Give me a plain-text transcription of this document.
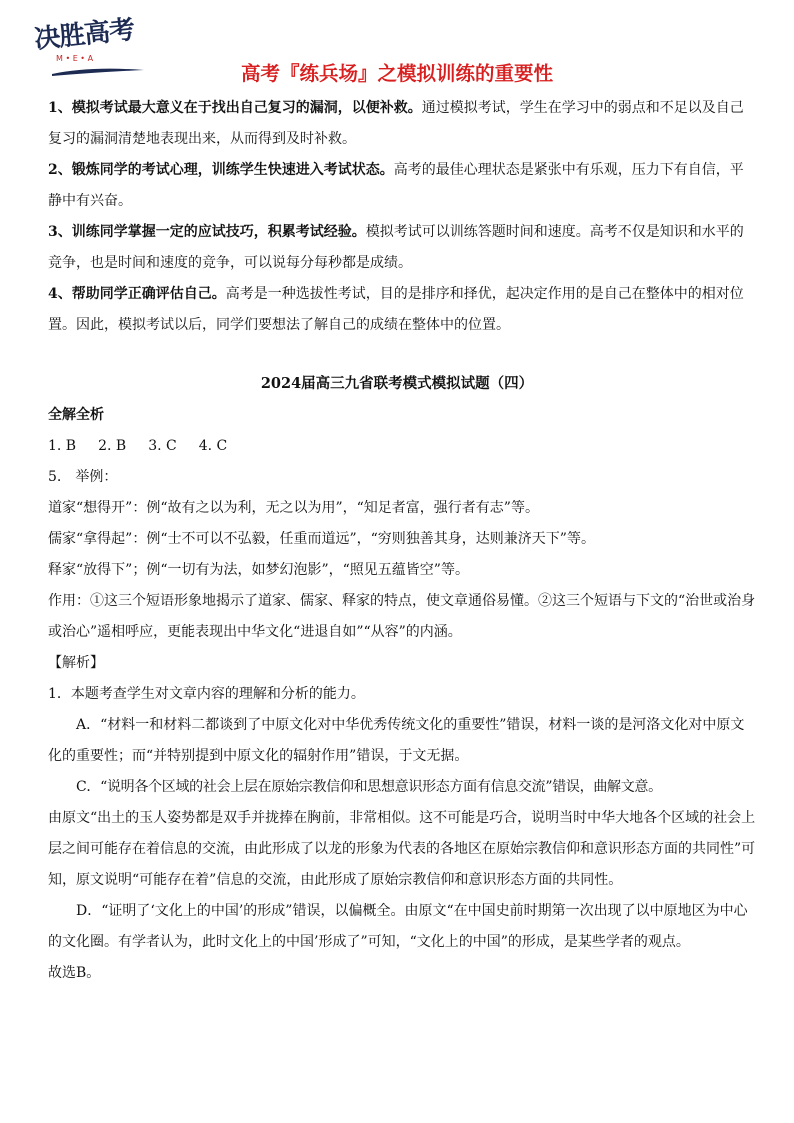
决胜高考
M • E • A
高考『练兵场』之模拟训练的重要性

1、模拟考试最大意义在于找出自己复习的漏洞，以便补救。通过模拟考试，学生在学习中的弱点和不足以及自己复习的漏洞清楚地表现出来，从而得到及时补救。

2、锻炼同学的考试心理，训练学生快速进入考试状态。高考的最佳心理状态是紧张中有乐观，压力下有自信，平静中有兴奋。

3、训练同学掌握一定的应试技巧，积累考试经验。模拟考试可以训练答题时间和速度。高考不仅是知识和水平的竞争，也是时间和速度的竞争，可以说每分每秒都是成绩。

4、帮助同学正确评估自己。高考是一种选拔性考试，目的是排序和择优，起决定作用的是自己在整体中的相对位置。因此，模拟考试以后，同学们要想法了解自己的成绩在整体中的位置。

2024届高三九省联考模式模拟试题（四）

全解全析

1. B 2. B 3. C 4. C

5.　举例：

道家“想得开”：例“故有之以为利，无之以为用”，“知足者富，强行者有志”等。

儒家“拿得起”：例“士不可以不弘毅，任重而道远”，“穷则独善其身，达则兼济天下”等。

释家“放得下”；例“一切有为法，如梦幻泡影”，“照见五蕴皆空”等。

作用：①这三个短语形象地揭示了道家、儒家、释家的特点，使文章通俗易懂。②这三个短语与下文的“治世或治身或治心”遥相呼应，更能表现出中华文化“进退自如”“从容”的内涵。

【解析】

1．本题考查学生对文章内容的理解和分析的能力。

A．“材料一和材料二都谈到了中原文化对中华优秀传统文化的重要性”错误，材料一谈的是河洛文化对中原文化的重要性；而“并特别提到中原文化的辐射作用”错误，于文无据。

C．“说明各个区域的社会上层在原始宗教信仰和思想意识形态方面有信息交流”错误，曲解文意。

由原文“出土的玉人姿势都是双手并拢捧在胸前，非常相似。这不可能是巧合，说明当时中华大地各个区域的社会上层之间可能存在着信息的交流，由此形成了以龙的形象为代表的各地区在原始宗教信仰和意识形态方面的共同性”可知，原文说明“可能存在着”信息的交流，由此形成了原始宗教信仰和意识形态方面的共同性。

D．“证明了‘文化上的中国’的形成”错误，以偏概全。由原文“在中国史前时期第一次出现了以中原地区为中心的文化圈。有学者认为，此时文化上的中国’形成了”可知，“文化上的中国”的形成，是某些学者的观点。

故选B。
